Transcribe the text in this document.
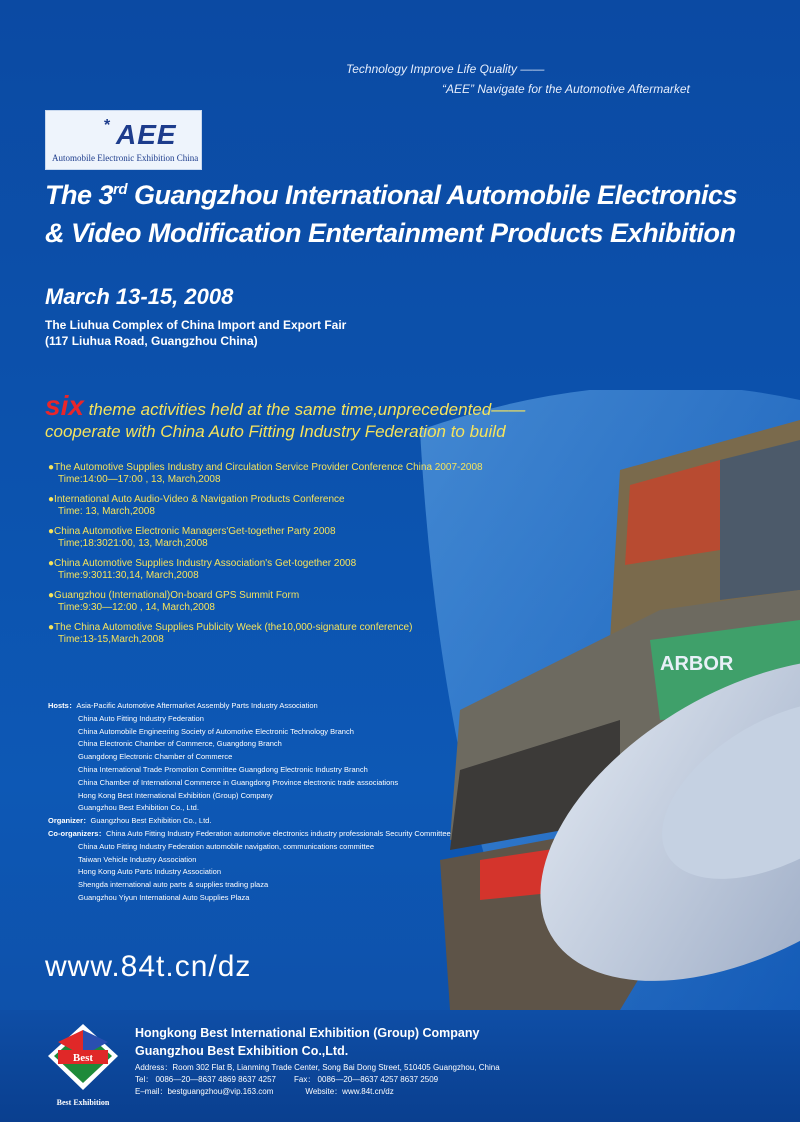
ARBOR
Technology Improve Life Quality ——
“AEE” Navigate for the Automotive Aftermarket
* AEE
Automobile Electronic Exhibition China
The 3rd Guangzhou International Automobile Electronics
& Video Modification Entertainment Products Exhibition
March 13-15, 2008
The Liuhua Complex of China Import and Export Fair
(117 Liuhua Road, Guangzhou China)
six theme activities held at the same time,unprecedented——
cooperate with China Auto Fitting Industry Federation to build
●The Automotive Supplies Industry and Circulation Service Provider Conference China 2007-2008
Time:14:00—17:00 , 13, March,2008
●International Auto Audio-Video & Navigation Products Conference
Time: 13, March,2008
●China Automotive Electronic Managers'Get-together Party 2008
Time;18:3021:00, 13, March,2008
●China Automotive Supplies Industry Association's Get-together 2008
Time:9:3011:30,14, March,2008
●Guangzhou (International)On-board GPS Summit Form
Time:9:30—12:00 , 14, March,2008
●The China Automotive Supplies Publicity Week (the10,000-signature conference)
Time:13-15,March,2008
Hosts：Asia-Pacific Automotive Aftermarket Assembly Parts Industry Association
China Auto Fitting Industry Federation
China Automobile Engineering Society of Automotive Electronic Technology Branch
China Electronic Chamber of Commerce, Guangdong Branch
Guangdong Electronic Chamber of Commerce
China International Trade Promotion Committee Guangdong Electronic Industry Branch
China Chamber of International Commerce in Guangdong Province electronic trade associations
Hong Kong Best International Exhibition (Group) Company
Guangzhou Best Exhibition Co., Ltd.
Organizer：Guangzhou Best Exhibition Co., Ltd.
Co-organizers：China Auto Fitting Industry Federation automotive electronics industry professionals Security Committee
China Auto Fitting Industry Federation automobile navigation, communications committee
Taiwan Vehicle Industry Association
Hong Kong Auto Parts Industry Association
Shengda international auto parts & supplies trading plaza
Guangzhou Yiyun International Auto Supplies Plaza
www.84t.cn/dz
Best
Best Exhibition
Hongkong Best International Exhibition (Group) Company
Guangzhou Best Exhibition Co.,Ltd.
Address：Room 302 Flat B, Lianming Trade Center, Song Bai Dong Street, 510405 Guangzhou, China
Tel： 0086—20—8637 4869 8637 4257 Fax： 0086—20—8637 4257 8637 2509
E–mail：bestguangzhou@vip.163.com	Website：www.84t.cn/dz
